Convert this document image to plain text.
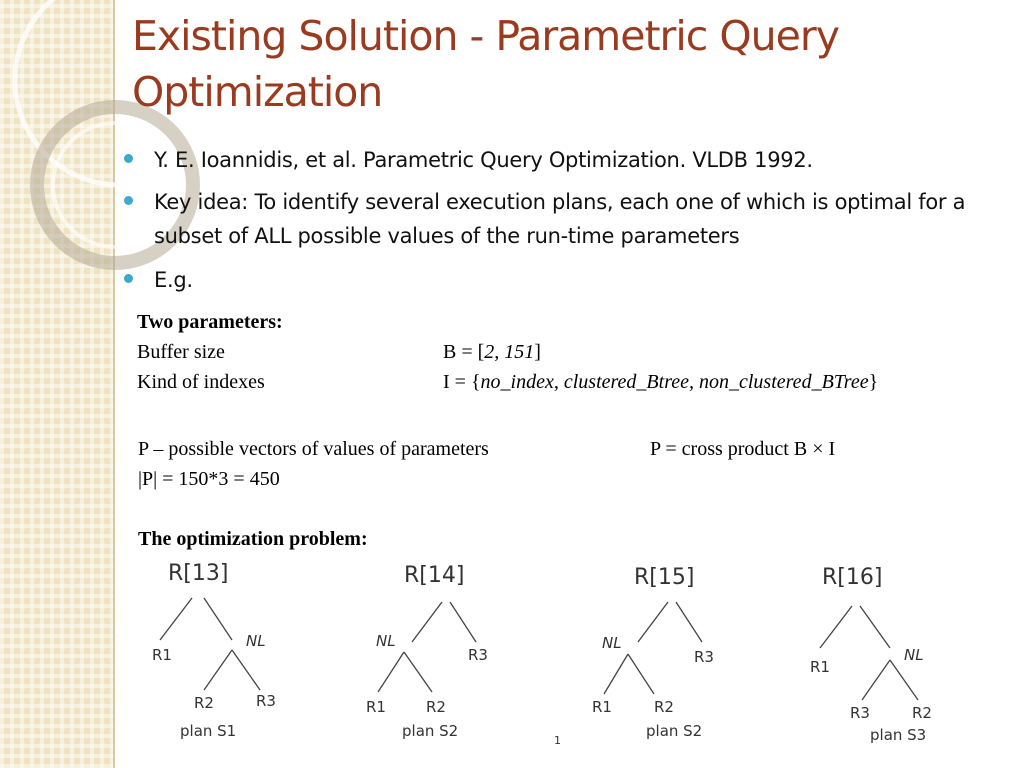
Existing Solution - Parametric Query Optimization
Y. E. Ioannidis, et al. Parametric Query Optimization. VLDB 1992.
Key idea: To identify several execution plans, each one of which is optimal for a subset of ALL possible values of the run-time parameters
E.g.
Two parameters:
Buffer size	B = [2, 151]
Kind of indexes	I = {no_index, clustered_Btree, non_clustered_BTree}
P – possible vectors of values of parameters	P = cross product B × I
|P| = 150*3 = 450
The optimization problem:
R[13]
R1
NL
R2	R3
plan S1
R[14]
NL
R3
R1	R2
plan S2
R[15]
NL
R3
R1	R2
plan S2
R[16]
R1
NL
R3	R2
plan S3
1
